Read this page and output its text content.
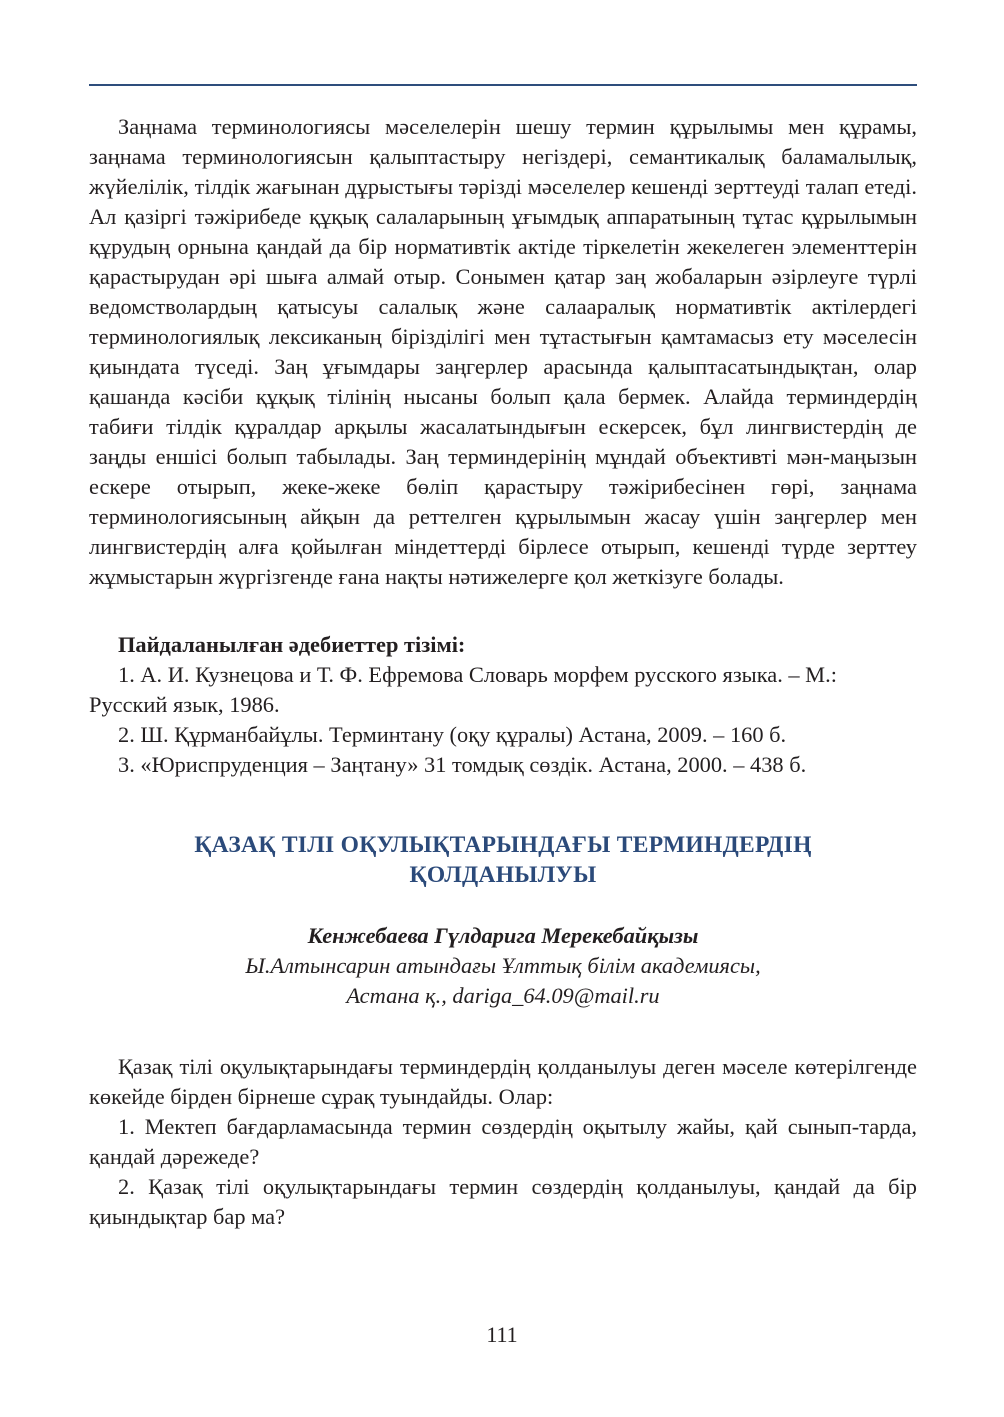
Заңнама терминологиясы мәселелерін шешу термин құрылымы мен құрамы, заңнама терминологиясын қалыптастыру негіздері, семантикалық баламалылық, жүйелілік, тілдік жағынан дұрыстығы тәрізді мәселелер кешенді зерттеуді талап етеді. Ал қазіргі тәжірибеде құқық салаларының ұғымдық аппаратының тұтас құрылымын құрудың орнына қандай да бір нормативтік актіде тіркелетін жекелеген элементтерін қарастырудан әрі шыға алмай отыр. Сонымен қатар заң жобаларын әзірлеуге түрлі ведомстволардың қатысуы салалық және салааралық нормативтік актілердегі терминологиялық лексиканың біріздiлiгi мен тұтастығын қамтамасыз ету мәселесін қиындата түседі. Заң ұғымдары заңгерлер арасында қалыптасатындықтан, олар қашанда кәсіби құқық тілінің нысаны болып қала бермек. Алайда терминдердің табиғи тілдік құралдар арқылы жасалатындығын ескерсек, бұл лингвистердің де заңды еншісі болып табылады. Заң терминдерінің мұндай объективті мән-маңызын ескере отырып, жеке-жеке бөліп қарастыру тәжірибесінен гөрі, заңнама терминологиясының айқын да реттелген құрылымын жасау үшін заңгерлер мен лингвистердің алға қойылған міндеттерді бірлесе отырып, кешенді түрде зерттеу жұмыстарын жүргізгенде ғана нақты нәтижелерге қол жеткізуге болады.

Пайдаланылған әдебиеттер тізімі:

1. А. И. Кузнецова и Т. Ф. Ефремова Словарь морфем русского языка. – М.: Русский язык, 1986.

2. Ш. Құрманбайұлы. Терминтану (оқу құралы) Астана, 2009. – 160 б.

3. «Юриспруденция – Заңтану» 31 томдық сөздік. Астана, 2000. – 438 б.

ҚАЗАҚ ТІЛІ ОҚУЛЫҚТАРЫНДАҒЫ ТЕРМИНДЕРДІҢ

ҚОЛДАНЫЛУЫ

Кенжебаева Гүлдарига Мерекебайқызы

Ы.Алтынсарин атындағы Ұлттық білім академиясы,

Астана қ., dariga_64.09@mail.ru

Қазақ тілі оқулықтарындағы терминдердің қолданылуы деген мәселе көтерілгенде көкейде бірден бірнеше сұрақ туындайды. Олар:

1. Мектеп бағдарламасында термин сөздердің оқытылу жайы, қай сынып-тарда, қандай дәрежеде?

2. Қазақ тілі оқулықтарындағы термин сөздердің қолданылуы, қандай да бір қиындықтар бар ма?

111
